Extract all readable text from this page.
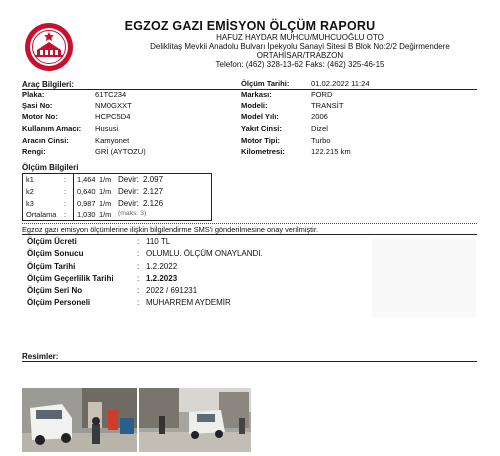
EGZOZ GAZI EMİSYON ÖLÇÜM RAPORU
HAFUZ HAYDAR MUHCU/MUHCUOĞLU OTO
Deliklitaş Mevkii Anadolu Bulvarı İpekyolu Sanayi Sitesi B Blok No:2/2 Değirmendere
ORTAHİSAR/TRABZON
Telefon: (462) 328-13-62 Faks: (462) 325-46-15
Araç Bilgileri:
Plaka:	61TC234
Şasi No:	NM0GXXT
Motor No:	HCPC5D4
Kullanım Amacı: Hususi
Aracın Cinsi:	Kamyonet
Rengi:	GRİ (AYTOZU)
Ölçüm Tarihi:	01.02.2022 11:24
Markası:	FORD
Modeli:	TRANSİT
Model Yılı:	2006
Yakıt Cinsi:	Dizel
Motor Tipi:	Turbo
Kilometresi:	122.215 km
Ölçüm Bilgileri
k1	: 1,464 1/m Devir: 2.097
k2	: 0,640 1/m Devir: 2.127
k3	: 0,987 1/m Devir: 2.126
Ortalama : 1,030 1/m (maks: 3)
Egzoz gazı emisyon ölçümlerine ilişkin bilgilendirme SMS'i gönderilmesine onay verilmiştir.
Ölçüm Ücreti	: 110 TL
Ölçüm Sonucu	: OLUMLU. ÖLÇÜM ONAYLANDI.
Ölçüm Tarihi	: 1.2.2022
Ölçüm Geçerlilik Tarihi	: 1.2.2023
Ölçüm Seri No	: 2022 / 691231
Ölçüm Personeli	: MUHARREM AYDEMİR
Resimler:
